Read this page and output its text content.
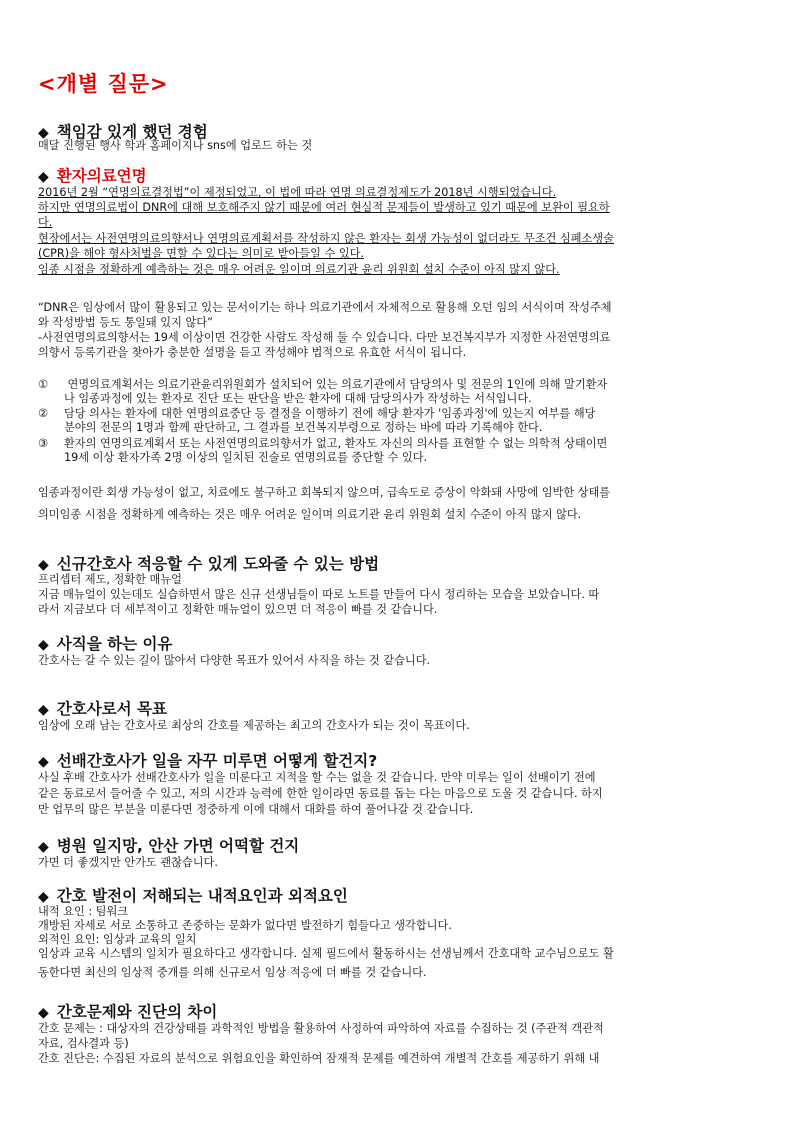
<개별 질문>
◆ 책임감 있게 했던 경험
매달 진행된 행사 학과 홈페이지나 sns에 업로드 하는 것
◆ 환자의료연명
2016년 2월 “연명의료결정법”이 제정되었고, 이 법에 따라 연명 의료결정제도가 2018년 시행되었습니다.
하지만 연명의료법이 DNR에 대해 보호해주지 않기 때문에 여러 현실적 문제들이 발생하고 있기 때문에 보완이 필요하
다.
현장에서는 사전연명의료의향서나 연명의료계획서를 작성하지 않은 환자는 회생 가능성이 없더라도 무조건 심폐소생술
(CPR)을 해야 형사처벌을 면할 수 있다는 의미로 받아들일 수 있다.
임종 시점을 정확하게 예측하는 것은 매우 어려운 일이며 의료기관 윤리 위원회 설치 수준이 아직 많지 않다.
“DNR은 임상에서 많이 활용되고 있는 문서이기는 하나 의료기관에서 자체적으로 활용해 오던 임의 서식이며 작성주체
와 작성방법 등도 통일돼 있지 않다”
-사전연명의료의향서는 19세 이상이면 건강한 사람도 작성해 둘 수 있습니다. 다만 보건복지부가 지정한 사전연명의료
의향서 등록기관을 찾아가 충분한 설명을 듣고 작성해야 법적으로 유효한 서식이 됩니다.
① 연명의료계획서는 의료기관윤리위원회가 설치되어 있는 의료기관에서 담당의사 및 전문의 1인에 의해 말기환자
나 임종과정에 있는 환자로 진단 또는 판단을 받은 환자에 대해 담당의사가 작성하는 서식입니다.
② 담당 의사는 환자에 대한 연명의료중단 등 결정을 이행하기 전에 해당 환자가 '임종과정'에 있는지 여부를 해당
분야의 전문의 1명과 함께 판단하고, 그 결과를 보건복지부령으로 정하는 바에 따라 기록해야 한다.
③ 환자의 연명의료계획서 또는 사전연명의료의향서가 없고, 환자도 자신의 의사를 표현할 수 없는 의학적 상태이면
19세 이상 환자가족 2명 이상의 일치된 진술로 연명의료를 중단할 수 있다.
임종과정이란 회생 가능성이 없고, 치료에도 불구하고 회복되지 않으며, 급속도로 증상이 악화돼 사망에 임박한 상태를
의미임종 시점을 정확하게 예측하는 것은 매우 어려운 일이며 의료기관 윤리 위원회 설치 수준이 아직 많지 않다.
◆ 신규간호사 적응할 수 있게 도와줄 수 있는 방법
프리셉터 제도, 정확한 매뉴얼
지금 매뉴얼이 있는데도 실습하면서 많은 신규 선생님들이 따로 노트를 만들어 다시 정리하는 모습을 보았습니다. 따
라서 지금보다 더 세부적이고 정확한 매뉴얼이 있으면 더 적응이 빠를 것 같습니다.
◆ 사직을 하는 이유
간호사는 갈 수 있는 길이 많아서 다양한 목표가 있어서 사직을 하는 것 같습니다.
◆ 간호사로서 목표
임상에 오래 남는 간호사로 최상의 간호를 제공하는 최고의 간호사가 되는 것이 목표이다.
◆ 선배간호사가 일을 자꾸 미루면 어떻게 할건지?
사실 후배 간호사가 선배간호사가 일을 미룬다고 지적을 할 수는 없을 것 같습니다. 만약 미루는 일이 선배이기 전에
같은 동료로서 들어줄 수 있고, 저의 시간과 능력에 한한 일이라면 동료를 돕는 다는 마음으로 도울 것 같습니다. 하지
만 업무의 많은 부분을 미룬다면 정중하게 이에 대해서 대화를 하여 풀어나갈 것 같습니다.
◆ 병원 일지망, 안산 가면 어떡할 건지
가면 더 좋겠지만 안가도 괜찮습니다.
◆ 간호 발전이 저해되는 내적요인과 외적요인
내적 요인 : 팀워크
개방된 자세로 서로 소통하고 존중하는 문화가 없다면 발전하기 힘들다고 생각합니다.
외적인 요인: 임상과 교육의 일치
임상과 교육 시스템의 일치가 필요하다고 생각합니다. 실제 필드에서 활동하시는 선생님께서 간호대학 교수님으로도 활
동한다면 최신의 임상적 중개를 의해 신규로서 임상 적응에 더 빠를 것 같습니다.
◆ 간호문제와 진단의 차이
간호 문제는 : 대상자의 건강상태를 과학적인 방법을 활용하여 사정하여 파악하여 자료를 수집하는 것 (주관적 객관적
자료, 검사결과 등)
간호 진단은: 수집된 자료의 분석으로 위험요인을 확인하여 잠재적 문제를 예견하여 개별적 간호를 제공하기 위해 내
